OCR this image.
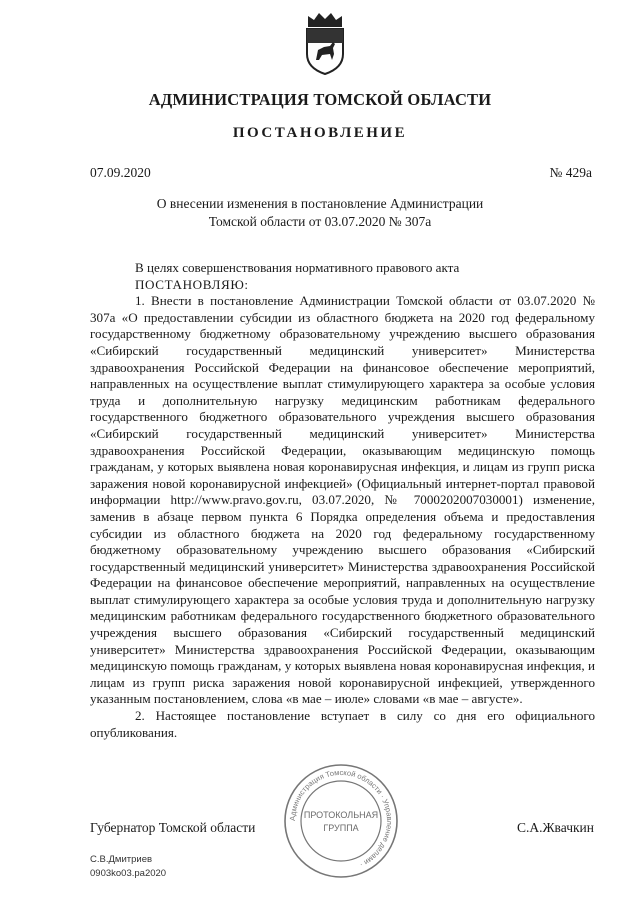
АДМИНИСТРАЦИЯ ТОМСКОЙ ОБЛАСТИ
ПОСТАНОВЛЕНИЕ
07.09.2020	№ 429а
О внесении изменения в постановление Администрации
Томской области от 03.07.2020 № 307а

В целях совершенствования нормативного правового акта

ПОСТАНОВЛЯЮ:

1. Внести в постановление Администрации Томской области от 03.07.2020 № 307а «О предоставлении субсидии из областного бюджета на 2020 год федеральному государственному бюджетному образовательному учреждению высшего образования «Сибирский государственный медицинский университет» Министерства здравоохранения Российской Федерации на финансовое обеспечение мероприятий, направленных на осуществление выплат стимулирующего характера за особые условия труда и дополнительную нагрузку медицинским работникам федерального государственного бюджетного образовательного учреждения высшего образования «Сибирский государственный медицинский университет» Министерства здравоохранения Российской Федерации, оказывающим медицинскую помощь гражданам, у которых выявлена новая коронавирусная инфекция, и лицам из групп риска заражения новой коронавирусной инфекцией» (Официальный интернет-портал правовой информации http://www.pravo.gov.ru, 03.07.2020, № 7000202007030001) изменение, заменив в абзаце первом пункта 6 Порядка определения объема и предоставления субсидии из областного бюджета на 2020 год федеральному государственному бюджетному образовательному учреждению высшего образования «Сибирский государственный медицинский университет» Министерства здравоохранения Российской Федерации на финансовое обеспечение мероприятий, направленных на осуществление выплат стимулирующего характера за особые условия труда и дополнительную нагрузку медицинским работникам федерального государственного бюджетного образовательного учреждения высшего образования «Сибирский государственный медицинский университет» Министерства здравоохранения Российской Федерации, оказывающим медицинскую помощь гражданам, у которых выявлена новая коронавирусная инфекция, и лицам из групп риска заражения новой коронавирусной инфекцией, утвержденного указанным постановлением, слова «в мае – июле» словами «в мае – августе».

2. Настоящее постановление вступает в силу со дня его официального опубликования.

Губернатор Томской области	С.А.Жвачкин
Администрация Томской области · Управление делами ·
ПРОТОКОЛЬНАЯ
ГРУППА
С.В.Дмитриев
0903ko03.pa2020
